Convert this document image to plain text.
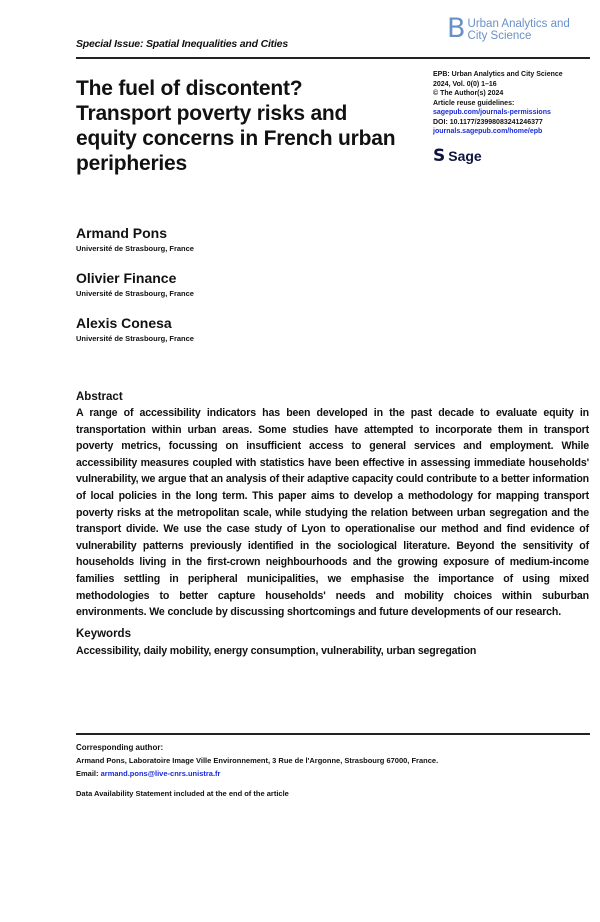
Special Issue: Spatial Inequalities and Cities	B Urban Analytics and
City Science
The fuel of discontent?
Transport poverty risks and
equity concerns in French urban
peripheries
EPB: Urban Analytics and City Science
2024, Vol. 0(0) 1–16
© The Author(s) 2024
Article reuse guidelines:
sagepub.com/journals-permissions
DOI: 10.1177/23998083241246377
journals.sagepub.com/home/epb
S Sage
Armand Pons
Université de Strasbourg, France
Olivier Finance
Université de Strasbourg, France
Alexis Conesa
Université de Strasbourg, France
Abstract
A range of accessibility indicators has been developed in the past decade to evaluate equity in transportation within urban areas. Some studies have attempted to incorporate them in transport poverty metrics, focussing on insufficient access to general services and employment. While accessibility measures coupled with statistics have been effective in assessing immediate households' vulnerability, we argue that an analysis of their adaptive capacity could contribute to a better information of local policies in the long term. This paper aims to develop a methodology for mapping transport poverty risks at the metropolitan scale, while studying the relation between urban segregation and the transport divide. We use the case study of Lyon to operationalise our method and find evidence of vulnerability patterns previously identified in the sociological literature. Beyond the sensitivity of households living in the first-crown neighbourhoods and the growing exposure of medium-income families settling in peripheral municipalities, we emphasise the importance of using mixed methodologies to better capture households' needs and mobility choices within suburban environments. We conclude by discussing shortcomings and future developments of our research.
Keywords
Accessibility, daily mobility, energy consumption, vulnerability, urban segregation
Corresponding author:
Armand Pons, Laboratoire Image Ville Environnement, 3 Rue de l'Argonne, Strasbourg 67000, France.
Email: armand.pons@live-cnrs.unistra.fr
Data Availability Statement included at the end of the article
